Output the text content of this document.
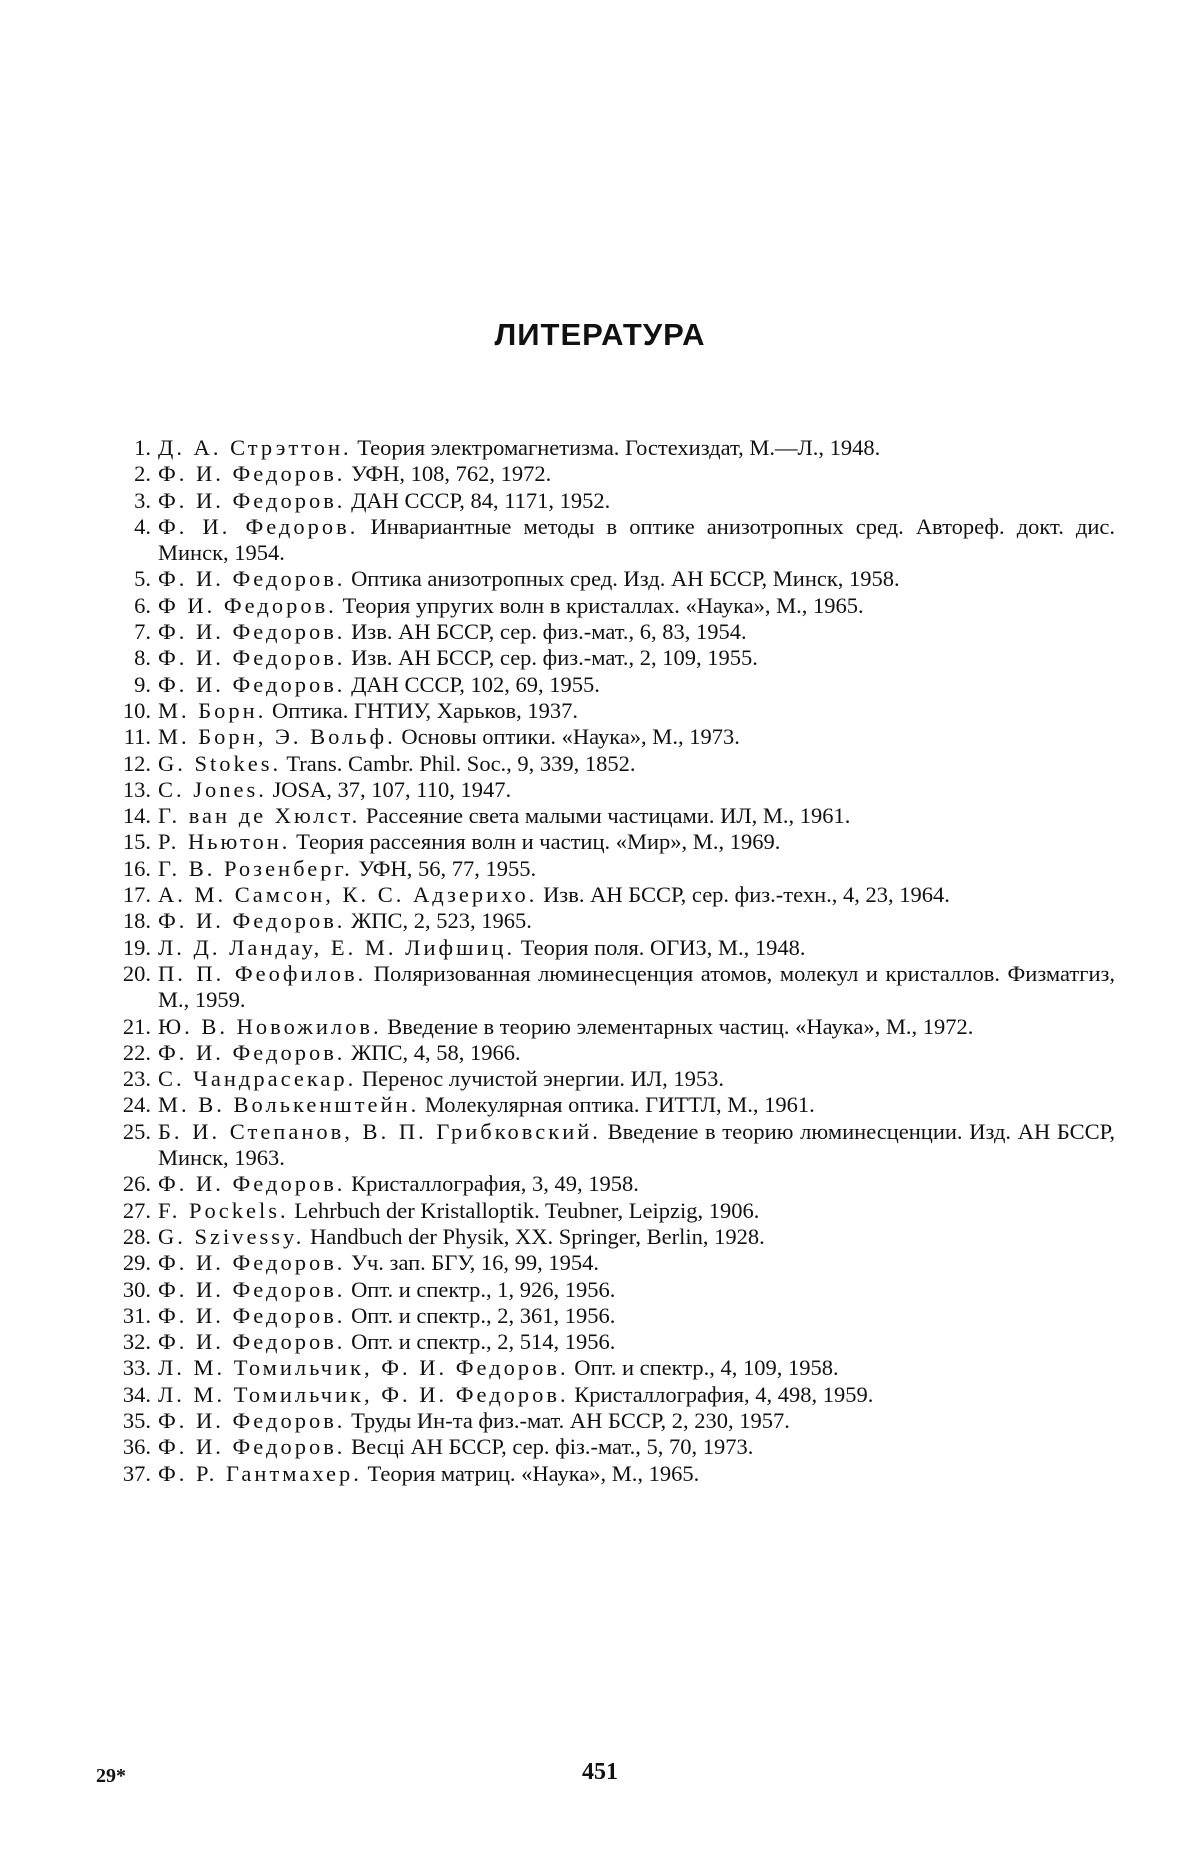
ЛИТЕРАТУРА
1. Д. А. Стрэттон. Теория электромагнетизма. Гостехиздат, М.—Л., 1948.
2. Ф. И. Федоров. УФН, 108, 762, 1972.
3. Ф. И. Федоров. ДАН СССР, 84, 1171, 1952.
4. Ф. И. Федоров. Инвариантные методы в оптике анизотропных сред. Автореф. докт. дис. Минск, 1954.
5. Ф. И. Федоров. Оптика анизотропных сред. Изд. АН БССР, Минск, 1958.
6. Ф И. Федоров. Теория упругих волн в кристаллах. «Наука», М., 1965.
7. Ф. И. Федоров. Изв. АН БССР, сер. физ.-мат., 6, 83, 1954.
8. Ф. И. Федоров. Изв. АН БССР, сер. физ.-мат., 2, 109, 1955.
9. Ф. И. Федоров. ДАН СССР, 102, 69, 1955.
10. М. Борн. Оптика. ГНТИУ, Харьков, 1937.
11. М. Борн, Э. Вольф. Основы оптики. «Наука», М., 1973.
12. G. Stokes. Trans. Cambr. Phil. Soc., 9, 339, 1852.
13. C. Jones. JOSA, 37, 107, 110, 1947.
14. Г. ван де Хюлст. Рассеяние света малыми частицами. ИЛ, М., 1961.
15. Р. Ньютон. Теория рассеяния волн и частиц. «Мир», М., 1969.
16. Г. В. Розенберг. УФН, 56, 77, 1955.
17. А. М. Самсон, К. С. Адзерихо. Изв. АН БССР, сер. физ.-техн., 4, 23, 1964.
18. Ф. И. Федоров. ЖПС, 2, 523, 1965.
19. Л. Д. Ландау, Е. М. Лифшиц. Теория поля. ОГИЗ, М., 1948.
20. П. П. Феофилов. Поляризованная люминесценция атомов, молекул и кристаллов. Физматгиз, М., 1959.
21. Ю. В. Новожилов. Введение в теорию элементарных частиц. «Наука», М., 1972.
22. Ф. И. Федоров. ЖПС, 4, 58, 1966.
23. С. Чандрасекар. Перенос лучистой энергии. ИЛ, 1953.
24. М. В. Волькенштейн. Молекулярная оптика. ГИТТЛ, М., 1961.
25. Б. И. Степанов, В. П. Грибковский. Введение в теорию люминесценции. Изд. АН БССР, Минск, 1963.
26. Ф. И. Федоров. Кристаллография, 3, 49, 1958.
27. F. Pockels. Lehrbuch der Kristalloptik. Teubner, Leipzig, 1906.
28. G. Szivessy. Handbuch der Physik, XX. Springer, Berlin, 1928.
29. Ф. И. Федоров. Уч. зап. БГУ, 16, 99, 1954.
30. Ф. И. Федоров. Опт. и спектр., 1, 926, 1956.
31. Ф. И. Федоров. Опт. и спектр., 2, 361, 1956.
32. Ф. И. Федоров. Опт. и спектр., 2, 514, 1956.
33. Л. М. Томильчик, Ф. И. Федоров. Опт. и спектр., 4, 109, 1958.
34. Л. М. Томильчик, Ф. И. Федоров. Кристаллография, 4, 498, 1959.
35. Ф. И. Федоров. Труды Ин-та физ.-мат. АН БССР, 2, 230, 1957.
36. Ф. И. Федоров. Весці АН БССР, сер. фіз.-мат., 5, 70, 1973.
37. Ф. Р. Гантмахер. Теория матриц. «Наука», М., 1965.
29*	451
